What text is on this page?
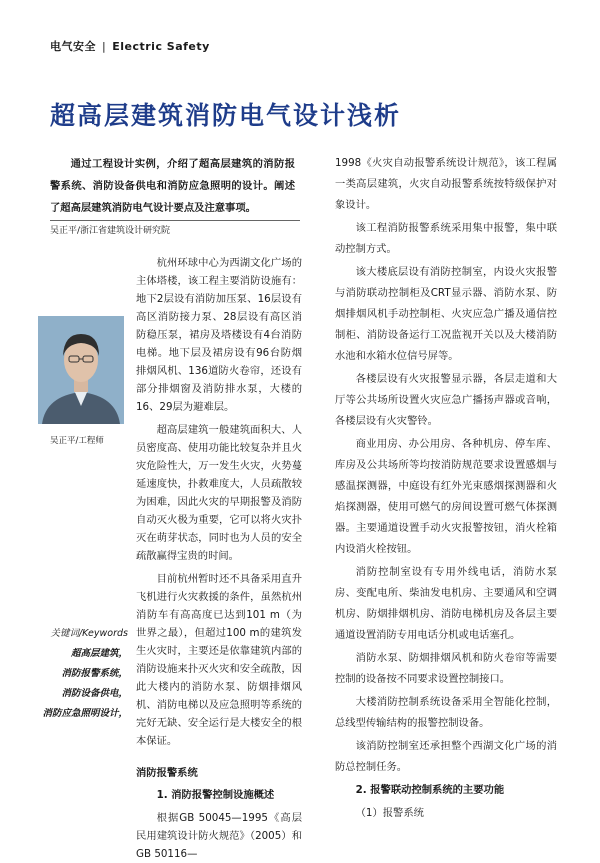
电气安全 | Electric Safety
超高层建筑消防电气设计浅析
通过工程设计实例，介绍了超高层建筑的消防报警系统、消防设备供电和消防应急照明的设计。阐述了超高层建筑消防电气设计要点及注意事项。
吴正平/浙江省建筑设计研究院
吴正平/工程师
关键词/Keywords
超高层建筑，
消防报警系统，
消防设备供电，
消防应急照明设计，

杭州环球中心为西湖文化广场的主体塔楼，该工程主要消防设施有：地下2层设有消防加压泵、16层设有高区消防接力泵、28层设有高区消防稳压泵，裙房及塔楼设有4台消防电梯。地下层及裙房设有96台防烟排烟风机、136道防火卷帘，还设有部分排烟窗及消防排水泵，大楼的16、29层为避难层。

超高层建筑一般建筑面积大、人员密度高、使用功能比较复杂并且火灾危险性大，万一发生火灾，火势蔓延速度快，扑救难度大，人员疏散较为困难，因此火灾的早期报警及消防自动灭火极为重要，它可以将火灾扑灭在萌芽状态，同时也为人员的安全疏散赢得宝贵的时间。

目前杭州暂时还不具备采用直升飞机进行火灾救援的条件，虽然杭州消防车有高高度已达到101 m（为世界之最），但超过100 m的建筑发生火灾时，主要还是依靠建筑内部的消防设施来扑灭火灾和安全疏散，因此大楼内的消防水泵、防烟排烟风机、消防电梯以及应急照明等系统的完好无缺、安全运行是大楼安全的根本保证。

消防报警系统

1. 消防报警控制设施概述

根据GB 50045—1995《高层民用建筑设计防火规范》（2005）和GB 50116—

1998《火灾自动报警系统设计规范》，该工程属一类高层建筑，火灾自动报警系统按特级保护对象设计。

该工程消防报警系统采用集中报警，集中联动控制方式。

该大楼底层设有消防控制室，内设火灾报警与消防联动控制柜及CRT显示器、消防水泵、防烟排烟风机手动控制柜、火灾应急广播及通信控制柜、消防设备运行工况监视开关以及大楼消防水池和水箱水位信号屏等。

各楼层设有火灾报警显示器，各层走道和大厅等公共场所设置火灾应急广播扬声器或音响，各楼层设有火灾警铃。

商业用房、办公用房、各种机房、停车库、库房及公共场所等均按消防规范要求设置感烟与感温探测器，中庭设有红外光束感烟探测器和火焰探测器，使用可燃气的房间设置可燃气体探测器。主要通道设置手动火灾报警按钮，消火栓箱内设消火栓按钮。

消防控制室设有专用外线电话，消防水泵房、变配电所、柴油发电机房、主要通风和空调机房、防烟排烟机房、消防电梯机房及各层主要通道设置消防专用电话分机或电话塞孔。

消防水泵、防烟排烟风机和防火卷帘等需要控制的设备按不同要求设置控制接口。

大楼消防控制系统设备采用全智能化控制，总线型传输结构的报警控制设备。

该消防控制室还承担整个西湖文化广场的消防总控制任务。

2. 报警联动控制系统的主要功能

（1）报警系统
